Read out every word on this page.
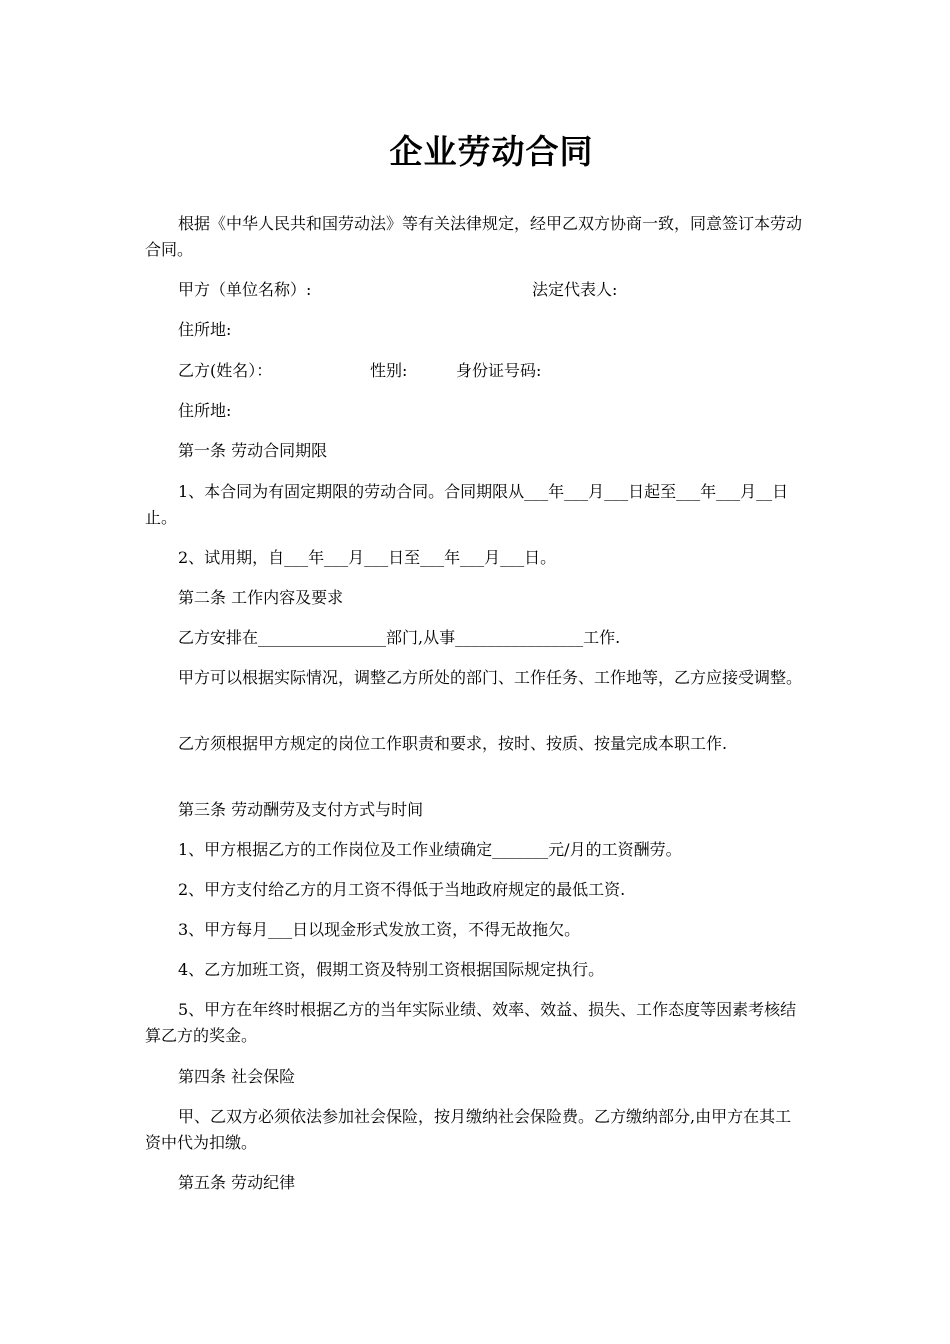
企业劳动合同
根据《中华人民共和国劳动法》等有关法律规定，经甲乙双方协商一致，同意签订本劳动合同。
甲方（单位名称）:	法定代表人:
住所地:
乙方(姓名）：	性别:	身份证号码:
住所地:
第一条 劳动合同期限
1、本合同为有固定期限的劳动合同。合同期限从___年___月___日起至___年___月__日止。
2、试用期，自___年___月___日至___年___月___日。
第二条 工作内容及要求
乙方安排在________________部门,从事________________工作.
甲方可以根据实际情况，调整乙方所处的部门、工作任务、工作地等，乙方应接受调整。
乙方须根据甲方规定的岗位工作职责和要求，按时、按质、按量完成本职工作.
第三条 劳动酬劳及支付方式与时间
1、甲方根据乙方的工作岗位及工作业绩确定_______元/月的工资酬劳。
2、甲方支付给乙方的月工资不得低于当地政府规定的最低工资.
3、甲方每月___日以现金形式发放工资，不得无故拖欠。
4、乙方加班工资，假期工资及特别工资根据国际规定执行。
5、甲方在年终时根据乙方的当年实际业绩、效率、效益、损失、工作态度等因素考核结算乙方的奖金。
第四条 社会保险
甲、乙双方必须依法参加社会保险，按月缴纳社会保险费。乙方缴纳部分,由甲方在其工资中代为扣缴。
第五条 劳动纪律
